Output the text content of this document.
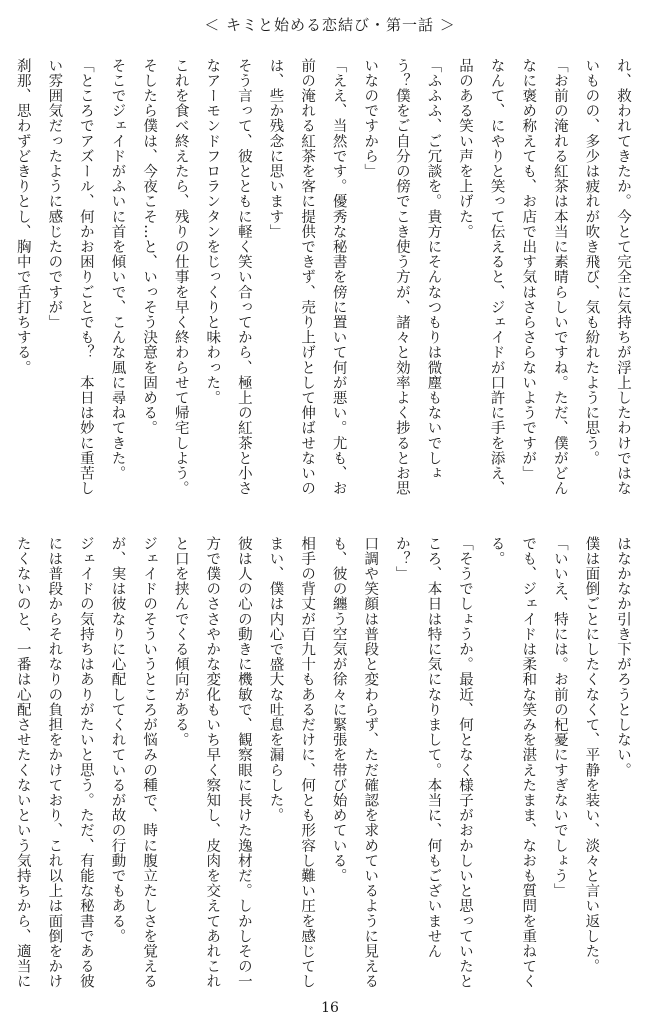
＜ キミと始める恋結び・第一話 ＞

れ、救われてきたか。今とて完全に気持ちが浮上したわけではないものの、多少は疲れが吹き飛び、気も紛れたように思う。

「お前の淹れる紅茶は本当に素晴らしいですね。ただ、僕がどんなに褒め称えても、お店で出す気はさらさらないようですが」

なんて、にやりと笑って伝えると、ジェイドが口許に手を添え、品のある笑い声を上げた。

「ふふふ、ご冗談を。貴方にそんなつもりは微塵もないでしょう？僕をご自分の傍でこき使う方が、諸々と効率よく捗るとお思いなのですから」

「ええ、当然です。優秀な秘書を傍に置いて何が悪い。尤も、お前の淹れる紅茶を客に提供できず、売り上げとして伸ばせないのは、些か残念に思います」

そう言って、彼とともに軽く笑い合ってから、極上の紅茶と小さなアーモンドフロランタンをじっくりと味わった。

これを食べ終えたら、残りの仕事を早く終わらせて帰宅しよう。そしたら僕は、今夜こそ…と、いっそう決意を固める。

そこでジェイドがふいに首を傾いで、こんな風に尋ねてきた。

「ところでアズール、何かお困りごとでも？　本日は妙に重苦しい雰囲気だったように感じたのですが」

刹那、思わずどきりとし、胸中で舌打ちする。

はなかなか引き下がろうとしない。

僕は面倒ごとにしたくなくて、平静を装い、淡々と言い返した。

「いいえ、特には。お前の杞憂にすぎないでしょう」

でも、ジェイドは柔和な笑みを湛えたまま、なおも質問を重ねてくる。

「そうでしょうか。最近、何となく様子がおかしいと思っていたところ、本日は特に気になりまして。本当に、何もございませんか？」

口調や笑顔は普段と変わらず、ただ確認を求めているように見えるも、彼の纏う空気が徐々に緊張を帯び始めている。

相手の背丈が百九十もあるだけに、何とも形容し難い圧を感じてしまい、僕は内心で盛大な吐息を漏らした。

彼は人の心の動きに機敏で、観察眼に長けた逸材だ。しかしその一方で僕のささやかな変化もいち早く察知し、皮肉を交えてあれこれと口を挟んでくる傾向がある。

ジェイドのそういうところが悩みの種で、時に腹立たしさを覚えるが、実は彼なりに心配してくれているが故の行動でもある。

ジェイドの気持ちはありがたいと思う。ただ、有能な秘書である彼には普段からそれなりの負担をかけており、これ以上は面倒をかけたくないのと、一番は心配させたくないという気持ちから、適当に

16
